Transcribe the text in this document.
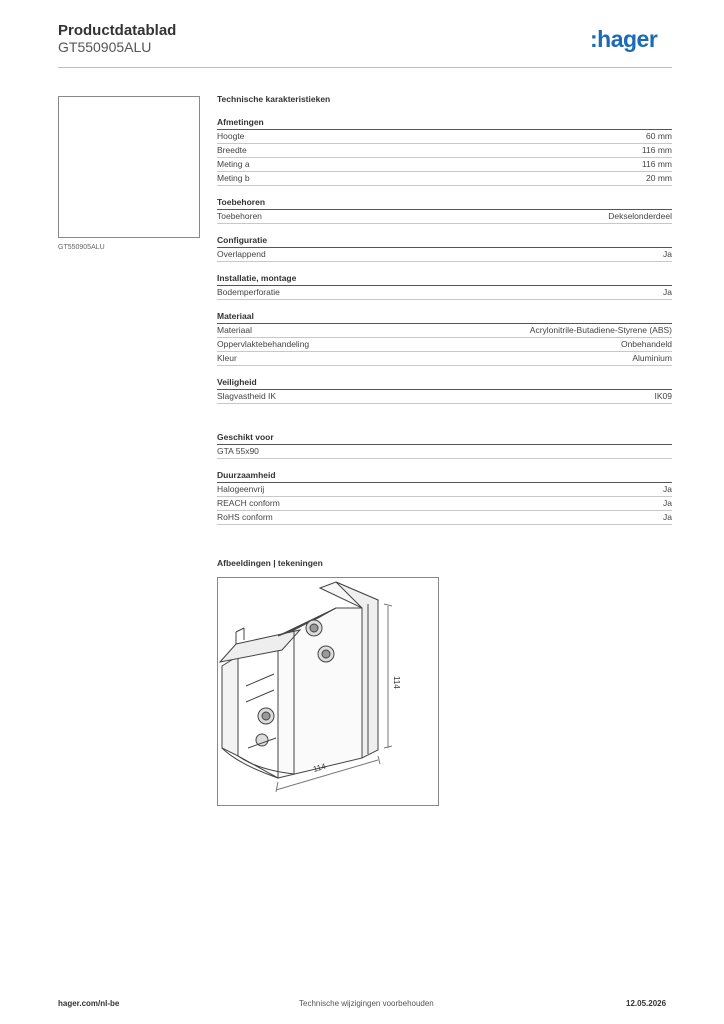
Productdatablad
GT550905ALU	:hager
GT550905ALU
Technische karakteristieken
Afmetingen
Hoogte	60 mm
Breedte	116 mm
Meting a	116 mm
Meting b	20 mm
Toebehoren
Toebehoren	Dekselonderdeel
Configuratie
Overlappend	Ja
Installatie, montage
Bodemperforatie	Ja
Materiaal
Materiaal	Acrylonitrile-Butadiene-Styrene (ABS)
Oppervlaktebehandeling	Onbehandeld
Kleur	Aluminium
Veiligheid
Slagvastheid IK	IK09
Geschikt voor
GTA 55x90
Duurzaamheid
Halogeenvrij	Ja
REACH conform	Ja
RoHS conform	Ja
Afbeeldingen | tekeningen
114
114
hager.com/nl-be	Technische wijzigingen voorbehouden	12.05.2026
